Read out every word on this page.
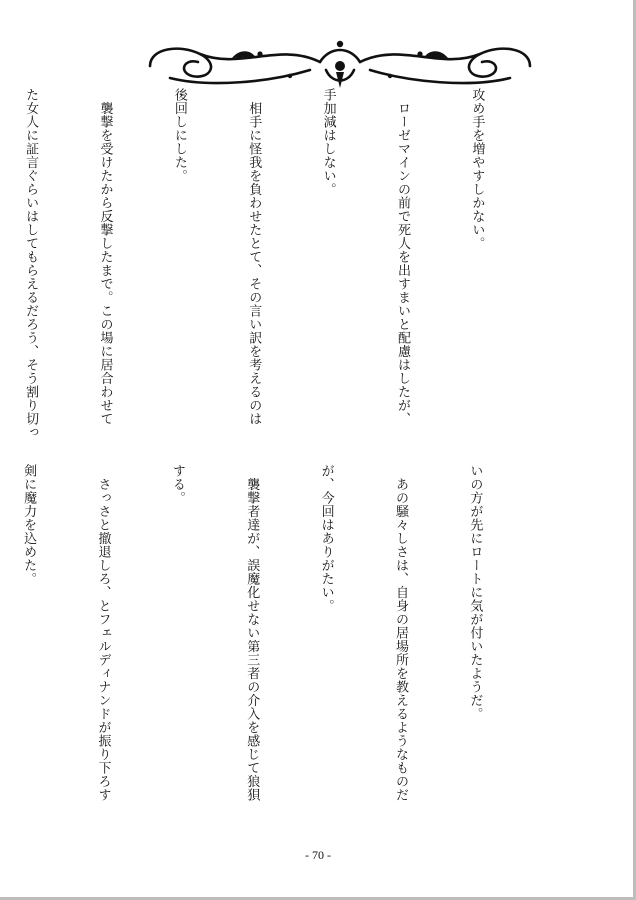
攻め手を増やすしかない。

　ローゼマインの前で死人を出すまいと配慮はしたが、

手加減はしない。

　相手に怪我を負わせたとて、その言い訳を考えるのは

後回しにした。

　襲撃を受けたから反撃したまで。この場に居合わせて

た女人に証言ぐらいはしてもらえるだろう、そう割り切っ

いの方が先にロートに気が付いたようだ。

　あの騒々しさは、自身の居場所を教えるようなものだ

が、今回はありがたい。

　襲撃者達が、誤魔化せない第三者の介入を感じて狼狽

する。

　さっさと撤退しろ、とフェルディナンドが振り下ろす

剣に魔力を込めた。

- 70 -
